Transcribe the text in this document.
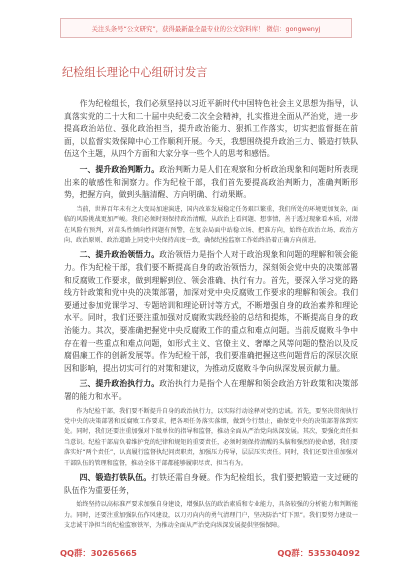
关注头条号“公文研究”，获得最新最全最专业的公文资料库！ 微信：gongwenyj
纪检组长理论中心组研讨发言

作为纪检组长，我们必须坚持以习近平新时代中国特色社会主义思想为指导，认真落实党的二十大和二十届中央纪委二次全会精神，扎实推进全面从严治党，进一步提高政治站位、强化政治担当，提升政治能力、狠抓工作落实，切实把监督挺在前面，以监督实效保障中心工作顺利开展。今天，我想围绕提升政治三力、锻造打铁队伍这个主题，从四个方面和大家分享一些个人的思考和感悟。

一、提升政治判断力。政治判断力是人们在观察和分析政治现象和问题时所表现出来的敏感性和洞察力。作为纪检干部，我们首先要提高政治判断力，准确判断形势，把握方向，做到头脑清醒、方向明确、行动果断。

当前，世界百年未有之大变局加速演进，国内改革发展稳定任务艰巨繁重，我们所处的环境更加复杂，面临的风险挑战更加严峻。我们必须时刻保持政治清醒，从政治上看问题、想事情，善于透过现象看本质，对潜在风险有预判，对苗头性倾向性问题有预警，在复杂局面中站稳立场、把准方向，始终在政治立场、政治方向、政治原则、政治道路上同党中央保持高度一致，确保纪检监察工作始终沿着正确方向前进。

二、提升政治领悟力。政治领悟力是指个人对于政治现象和问题的理解和领会能力。作为纪检干部，我们要不断提高自身的政治领悟力，深刻领会党中央的决策部署和反腐败工作要求，做到理解到位、领会准确、执行有力。首先，要深入学习党的路线方针政策和党中央的决策部署，加深对党中央反腐败工作要求的理解和领会。我们要通过参加党课学习、专题培训和理论研讨等方式，不断增强自身的政治素养和理论水平。同时，我们还要注重加强对反腐败实践经验的总结和提炼，不断提高自身的政治能力。其次，要准确把握党中央反腐败工作的重点和难点问题。当前反腐败斗争中存在着一些重点和难点问题，如形式主义、官僚主义、奢靡之风等问题的整治以及反腐倡廉工作的创新发展等。作为纪检干部，我们要准确把握这些问题背后的深层次原因和影响，提出切实可行的对策和建议，为推动反腐败斗争向纵深发展贡献力量。

三、提升政治执行力。政治执行力是指个人在理解和领会政治方针政策和决策部署的能力和水平。

作为纪检干部，我们要不断提升自身的政治执行力，以实际行动诠释对党的忠诚。首先，要坚决贯彻执行党中央的决策部署和反腐败工作要求，把各项任务落实落细，做到令行禁止，确保党中央的决策部署落到实处。同时，我们还要注重加强对下级单位的指导和监督，推动全面从严治党向纵深发展。其次，要强化责任担当意识。纪检干部肩负着维护党的纪律和规矩的重要责任，必须时刻保持清醒的头脑和强烈的使命感，我们要落实好“两个责任”，认真履行监督执纪问责职责，加强压力传导，层层压实责任。同时，我们还要注重加强对干部队伍的管理和监督，推动全体干部都能够履职尽责、担当有为。

四、锻造打铁队伍。打铁还需自身硬。作为纪检组长，我们要把锻造一支过硬的队伍作为重要任务，

始终坚持以高标准严要求加强自身建设，增强队伍的政治素质和专业能力，具备较强的分析能力和判断能力。同时，还要注重加强队伍作风建设，以刀刃向内的勇气清理门户，坚决防治“灯下黑”。我们要努力建设一支忠诚干净担当的纪检监察铁军，为推动全面从严治党向纵深发展提供坚强保障。

QQ群：30265665	QQ群：535304092
